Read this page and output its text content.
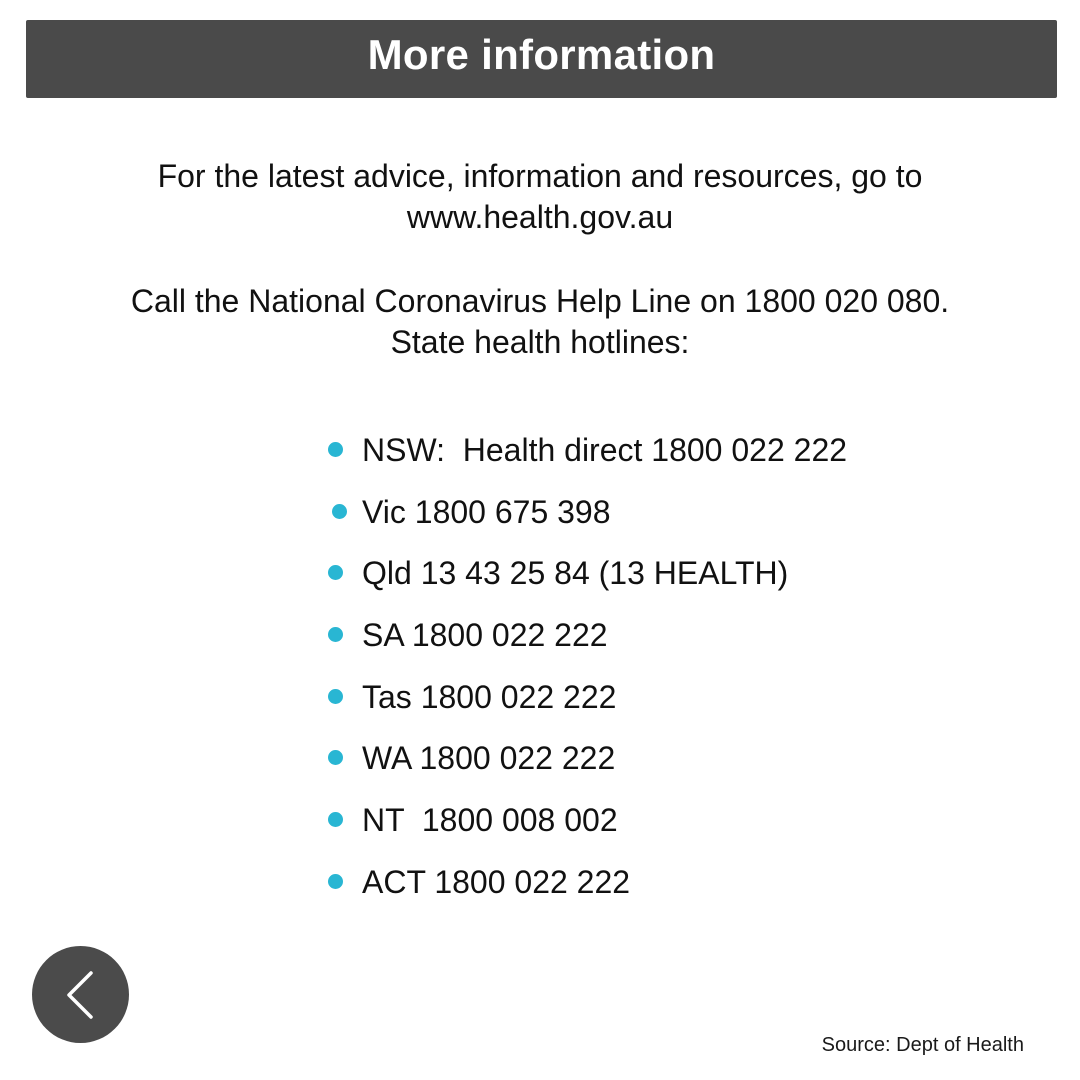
More information
For the latest advice, information and resources, go to
www.health.gov.au
Call the National Coronavirus Help Line on 1800 020 080.
State health hotlines:
NSW:  Health direct 1800 022 222
Vic 1800 675 398
Qld 13 43 25 84 (13 HEALTH)
SA 1800 022 222
Tas 1800 022 222
WA 1800 022 222
NT  1800 008 002
ACT 1800 022 222
Source: Dept of Health
